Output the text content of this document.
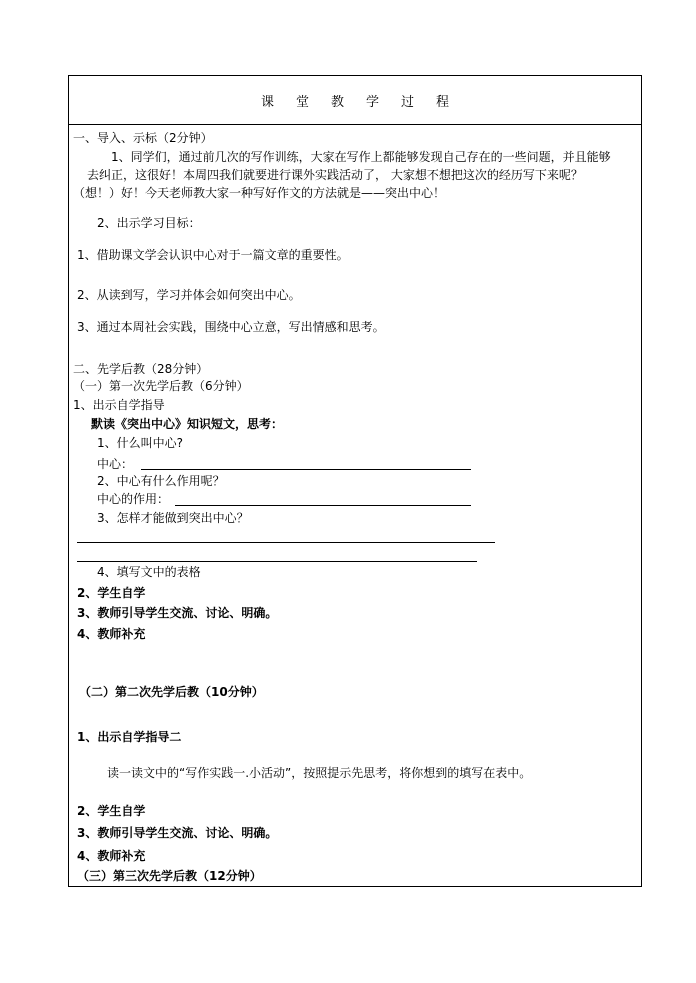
课堂教学过程
一、导入、示标（2分钟）
1、同学们，通过前几次的写作训练，大家在写作上都能够发现自己存在的一些问题，并且能够
去纠正，这很好！本周四我们就要进行课外实践活动了， 大家想不想把这次的经历写下来呢？
（想！）好！今天老师教大家一种写好作文的方法就是——突出中心！
2、出示学习目标：
1、借助课文学会认识中心对于一篇文章的重要性。
2、从读到写，学习并体会如何突出中心。
3、通过本周社会实践，围绕中心立意，写出情感和思考。
二、先学后教（28分钟）
（一）第一次先学后教（6分钟）
1、出示自学指导
默读《突出中心》知识短文，思考：
1、什么叫中心?
中心：
2、中心有什么作用呢？
中心的作用：
3、怎样才能做到突出中心？
4、填写文中的表格
2、学生自学
3、教师引导学生交流、讨论、明确。
4、教师补充
（二）第二次先学后教（10分钟）
1、出示自学指导二
读一读文中的“写作实践一.小活动”，按照提示先思考，将你想到的填写在表中。
2、学生自学
3、教师引导学生交流、讨论、明确。
4、教师补充
（三）第三次先学后教（12分钟）
